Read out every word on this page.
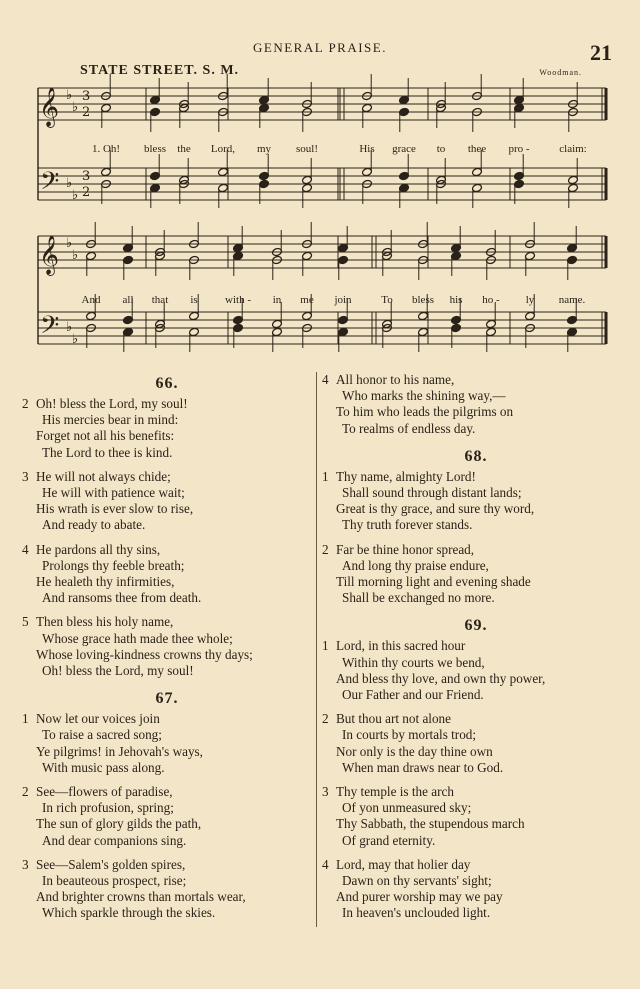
GENERAL PRAISE.	21
STATE STREET. S. M.	Woodman.
𝄞
𝄢
♭
♭
♭
♭
3
2
3
2
𝄞
𝄢
♭
♭
♭
♭
1. Oh! bless the Lord, my soul!	His grace to thee pro -	claim:
And all that is with - in me join	To bless his ho - ly name.
66.
2 Oh! bless the Lord, my soul!
His mercies bear in mind:
Forget not all his benefits:
The Lord to thee is kind.
3 He will not always chide;
He will with patience wait;
His wrath is ever slow to rise,
And ready to abate.
4 He pardons all thy sins,
Prolongs thy feeble breath;
He healeth thy infirmities,
And ransoms thee from death.
5 Then bless his holy name,
Whose grace hath made thee whole;
Whose loving-kindness crowns thy days;
Oh! bless the Lord, my soul!
67.
1 Now let our voices join
To raise a sacred song;
Ye pilgrims! in Jehovah's ways,
With music pass along.
2 See—flowers of paradise,
In rich profusion, spring;
The sun of glory gilds the path,
And dear companions sing.
3 See—Salem's golden spires,
In beauteous prospect, rise;
And brighter crowns than mortals wear,
Which sparkle through the skies.
4 All honor to his name,
Who marks the shining way,—
To him who leads the pilgrims on
To realms of endless day.
68.
1 Thy name, almighty Lord!
Shall sound through distant lands;
Great is thy grace, and sure thy word,
Thy truth forever stands.
2 Far be thine honor spread,
And long thy praise endure,
Till morning light and evening shade
Shall be exchanged no more.
69.
1 Lord, in this sacred hour
Within thy courts we bend,
And bless thy love, and own thy power,
Our Father and our Friend.
2 But thou art not alone
In courts by mortals trod;
Nor only is the day thine own
When man draws near to God.
3 Thy temple is the arch
Of yon unmeasured sky;
Thy Sabbath, the stupendous march
Of grand eternity.
4 Lord, may that holier day
Dawn on thy servants' sight;
And purer worship may we pay
In heaven's unclouded light.
